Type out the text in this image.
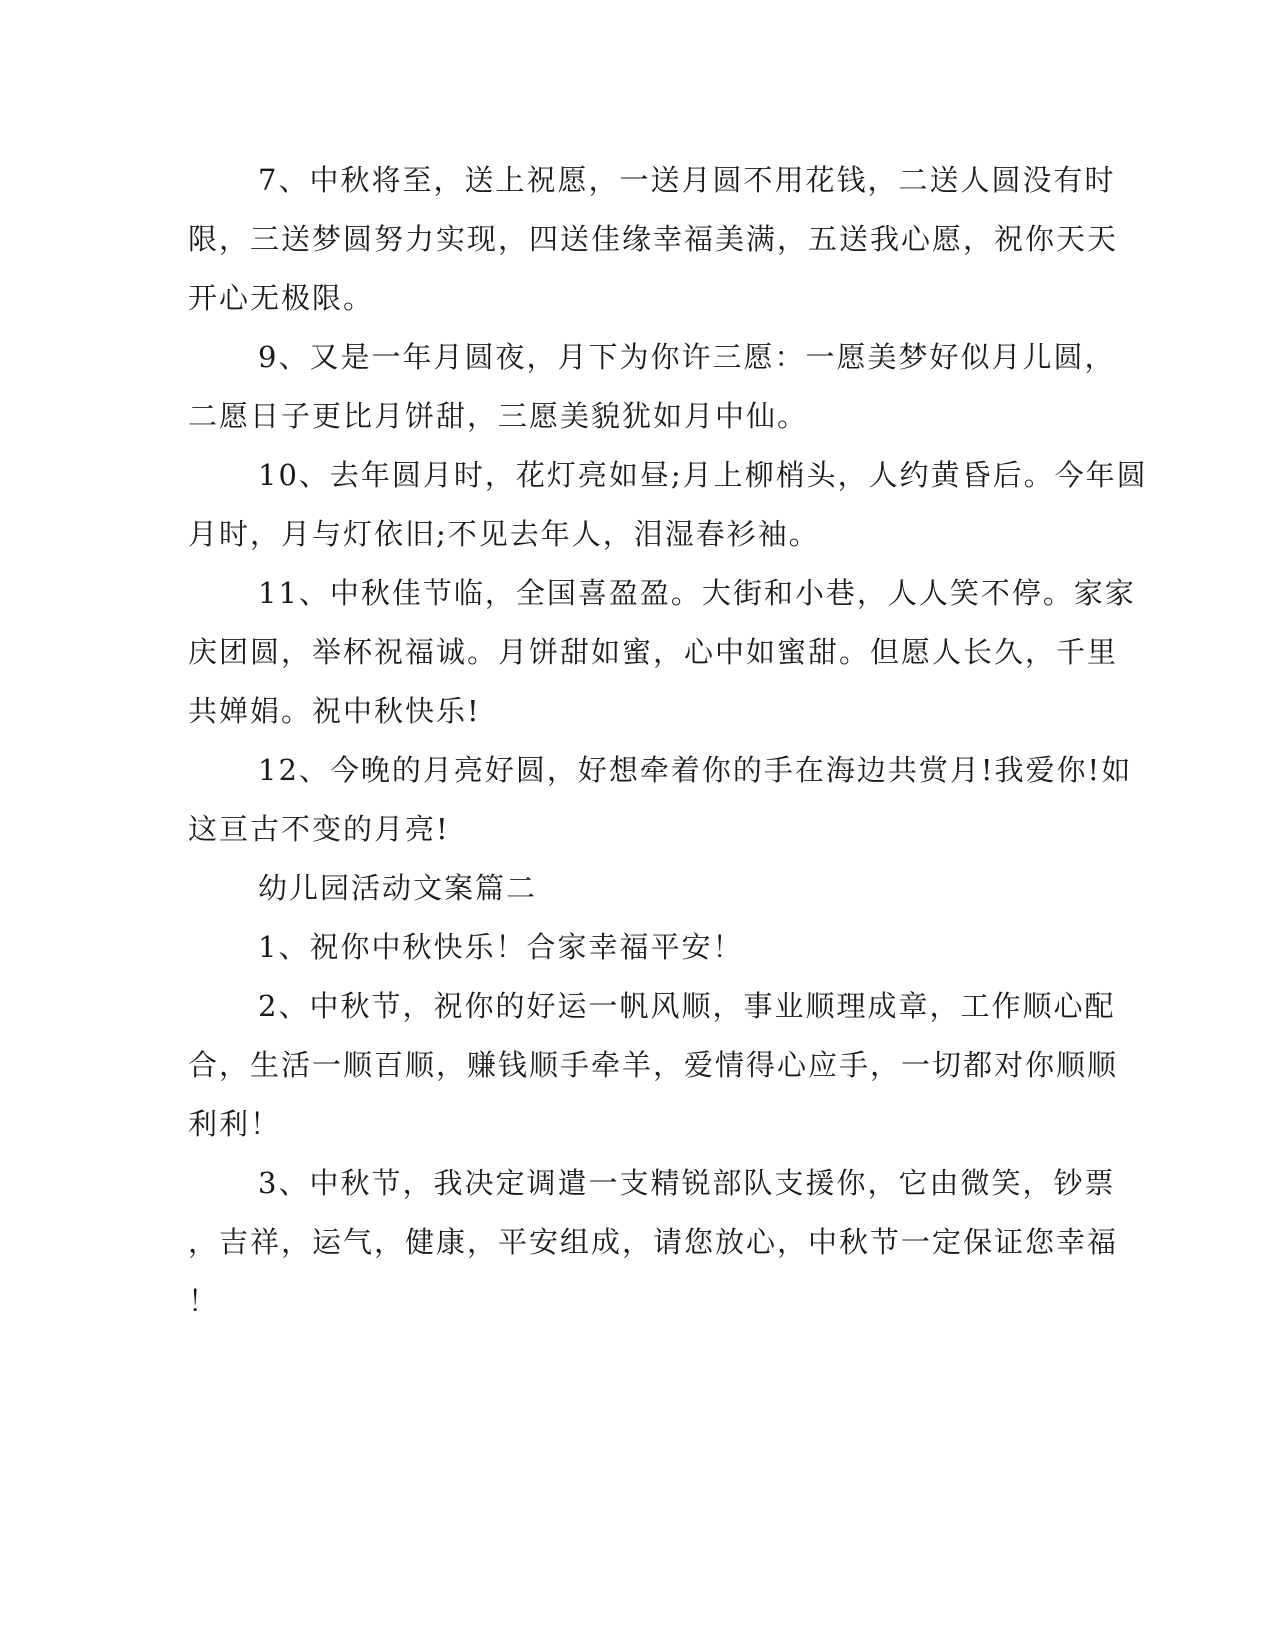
7、中秋将至，送上祝愿，一送月圆不用花钱，二送人圆没有时
限，三送梦圆努力实现，四送佳缘幸福美满，五送我心愿，祝你天天
开心无极限。
9、又是一年月圆夜，月下为你许三愿：一愿美梦好似月儿圆，
二愿日子更比月饼甜，三愿美貌犹如月中仙。
10、去年圆月时，花灯亮如昼;月上柳梢头，人约黄昏后。今年圆
月时，月与灯依旧;不见去年人，泪湿春衫袖。
11、中秋佳节临，全国喜盈盈。大街和小巷，人人笑不停。家家
庆团圆，举杯祝福诚。月饼甜如蜜，心中如蜜甜。但愿人长久，千里
共婵娟。祝中秋快乐!
12、今晚的月亮好圆，好想牵着你的手在海边共赏月!我爱你!如
这亘古不变的月亮!
幼儿园活动文案篇二
1、祝你中秋快乐！合家幸福平安！
2、中秋节，祝你的好运一帆风顺，事业顺理成章，工作顺心配
合，生活一顺百顺，赚钱顺手牵羊，爱情得心应手，一切都对你顺顺
利利！
3、中秋节，我决定调遣一支精锐部队支援你，它由微笑，钞票
，吉祥，运气，健康，平安组成，请您放心，中秋节一定保证您幸福
！
